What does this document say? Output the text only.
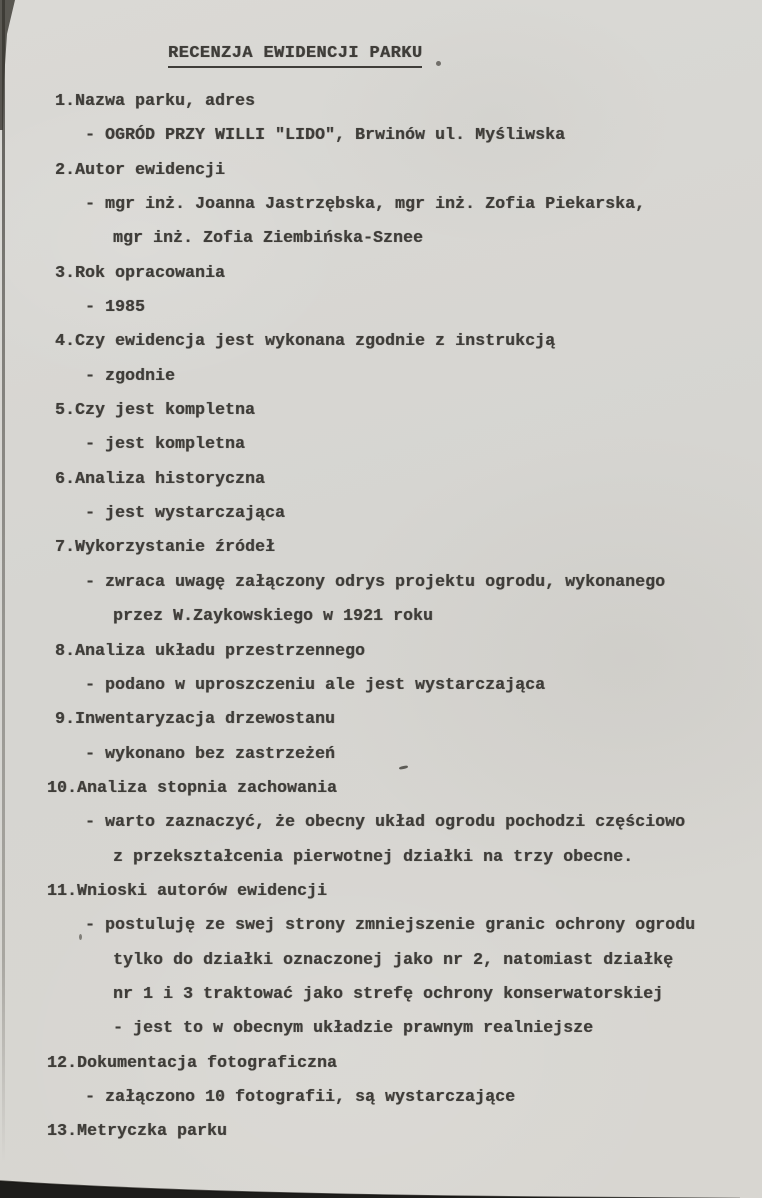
RECENZJA EWIDENCJI PARKU
1.Nazwa parku, adres
- OGRÓD PRZY WILLI "LIDO", Brwinów ul. Myśliwska
2.Autor ewidencji
- mgr inż. Joanna Jastrzębska, mgr inż. Zofia Piekarska,
mgr inż. Zofia Ziembińska-Sznee
3.Rok opracowania
- 1985
4.Czy ewidencja jest wykonana zgodnie z instrukcją
- zgodnie
5.Czy jest kompletna
- jest kompletna
6.Analiza historyczna
- jest wystarczająca
7.Wykorzystanie źródeł
- zwraca uwagę załączony odrys projektu ogrodu, wykonanego
przez W.Zaykowskiego w 1921 roku
8.Analiza układu przestrzennego
- podano w uproszczeniu ale jest wystarczająca
9.Inwentaryzacja drzewostanu
- wykonano bez zastrzeżeń
10.Analiza stopnia zachowania
- warto zaznaczyć, że obecny układ ogrodu pochodzi częściowo
z przekształcenia pierwotnej działki na trzy obecne.
11.Wnioski autorów ewidencji
- postuluję ze swej strony zmniejszenie granic ochrony ogrodu
tylko do działki oznaczonej jako nr 2, natomiast działkę
nr 1 i 3 traktować jako strefę ochrony konserwatorskiej
- jest to w obecnym układzie prawnym realniejsze
12.Dokumentacja fotograficzna
- załączono 10 fotografii, są wystarczające
13.Metryczka parku
